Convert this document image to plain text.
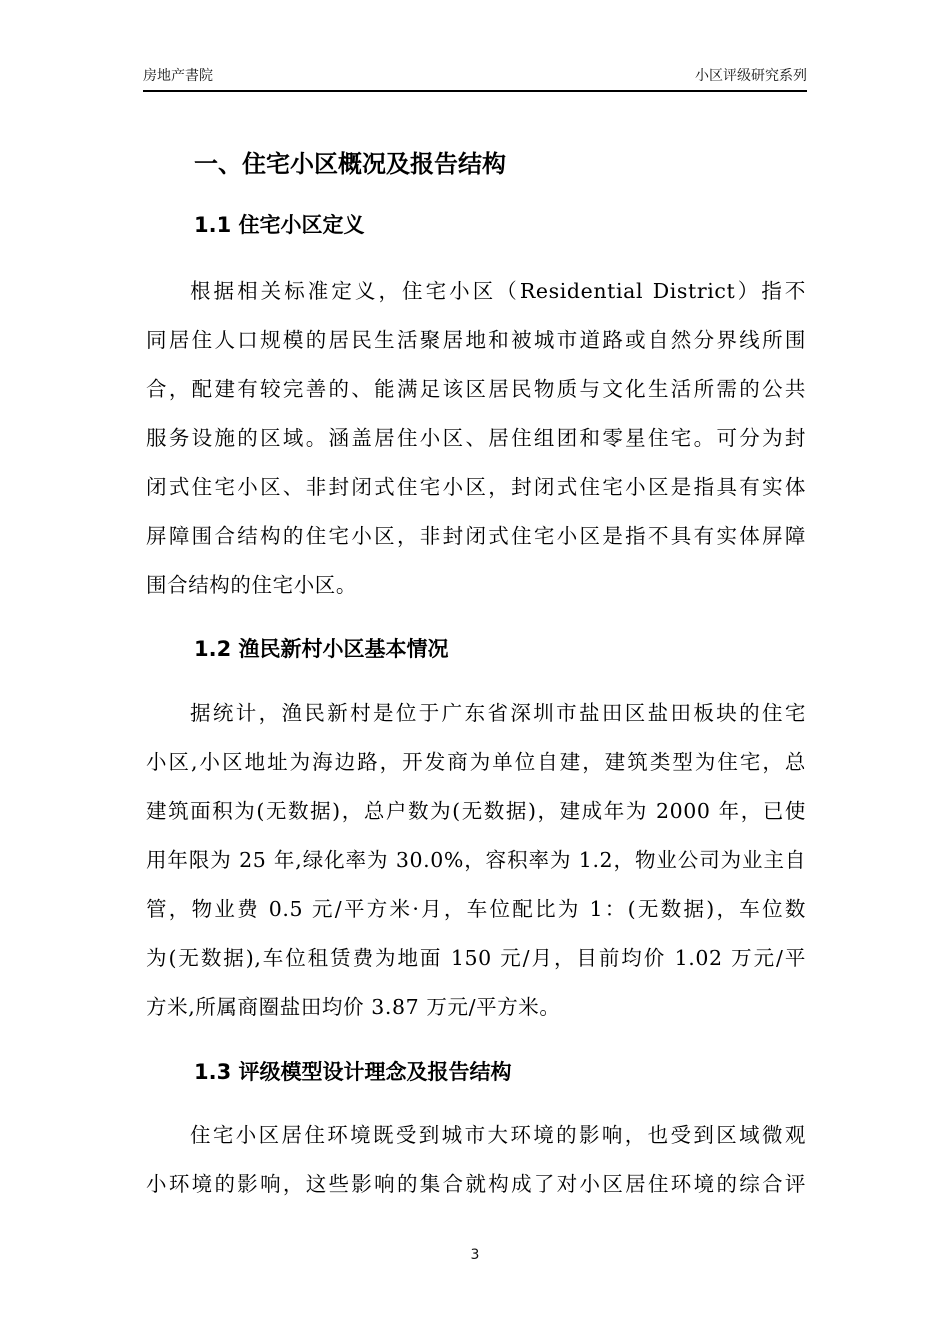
房地产書院	小区评级研究系列
一、住宅小区概况及报告结构
1.1 住宅小区定义
根据相关标准定义，住宅小区（Residential District）指不
同居住人口规模的居民生活聚居地和被城市道路或自然分界线所围
合，配建有较完善的、能满足该区居民物质与文化生活所需的公共
服务设施的区域。涵盖居住小区、居住组团和零星住宅。可分为封
闭式住宅小区、非封闭式住宅小区，封闭式住宅小区是指具有实体
屏障围合结构的住宅小区，非封闭式住宅小区是指不具有实体屏障
围合结构的住宅小区。
1.2 渔民新村小区基本情况
据统计，渔民新村是位于广东省深圳市盐田区盐田板块的住宅
小区,小区地址为海边路，开发商为单位自建，建筑类型为住宅，总
建筑面积为(无数据)，总户数为(无数据)，建成年为 2000 年，已使
用年限为 25 年,绿化率为 30.0%，容积率为 1.2，物业公司为业主自
管，物业费 0.5 元/平方米·月，车位配比为 1：(无数据)，车位数
为(无数据),车位租赁费为地面 150 元/月，目前均价 1.02 万元/平
方米,所属商圈盐田均价 3.87 万元/平方米。
1.3 评级模型设计理念及报告结构
住宅小区居住环境既受到城市大环境的影响，也受到区域微观
小环境的影响，这些影响的集合就构成了对小区居住环境的综合评
3
